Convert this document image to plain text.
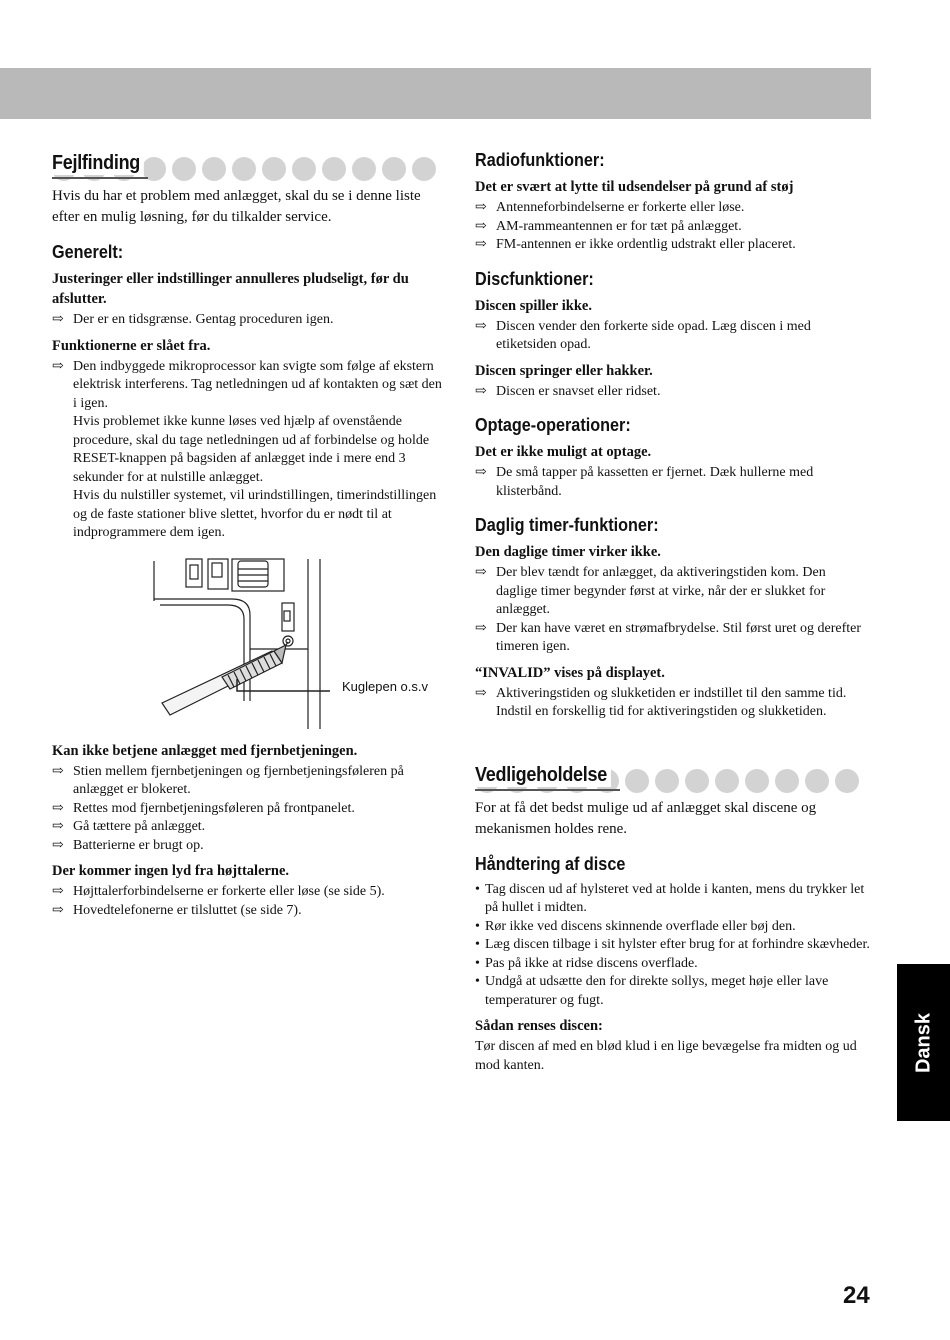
Fejlfinding

Hvis du har et problem med anlægget, skal du se i denne liste efter en mulig løsning, før du tilkalder service.

Generelt:
Justeringer eller indstillinger annulleres pludseligt, før du afslutter.
⇨ Der er en tidsgrænse. Gentag proceduren igen.
Funktionerne er slået fra.
⇨ Den indbyggede mikroprocessor kan svigte som følge af ekstern elektrisk interferens. Tag netledningen ud af kontakten og sæt den i igen.
Hvis problemet ikke kunne løses ved hjælp af ovenstående procedure, skal du tage netledningen ud af forbindelse og holde RESET-knappen på bagsiden af anlægget inde i mere end 3 sekunder for at nulstille anlægget.
Hvis du nulstiller systemet, vil urindstillingen, timerindstillingen og de faste stationer blive slettet, hvorfor du er nødt til at indprogrammere dem igen.
Kuglepen o.s.v
Kan ikke betjene anlægget med fjernbetjeningen.
⇨ Stien mellem fjernbetjeningen og fjernbetjeningsføleren på anlægget er blokeret.
⇨ Rettes mod fjernbetjeningsføleren på frontpanelet.
⇨ Gå tættere på anlægget.
⇨ Batterierne er brugt op.
Der kommer ingen lyd fra højttalerne.
⇨ Højttalerforbindelserne er forkerte eller løse (se side 5).
⇨ Hovedtelefonerne er tilsluttet (se side 7).
Radiofunktioner:
Det er svært at lytte til udsendelser på grund af støj
⇨ Antenneforbindelserne er forkerte eller løse.
⇨ AM-rammeantennen er for tæt på anlægget.
⇨ FM-antennen er ikke ordentlig udstrakt eller placeret.
Discfunktioner:
Discen spiller ikke.
⇨ Discen vender den forkerte side opad. Læg discen i med etiketsiden opad.
Discen springer eller hakker.
⇨ Discen er snavset eller ridset.
Optage-operationer:
Det er ikke muligt at optage.
⇨ De små tapper på kassetten er fjernet. Dæk hullerne med klisterbånd.
Daglig timer-funktioner:
Den daglige timer virker ikke.
⇨ Der blev tændt for anlægget, da aktiveringstiden kom. Den daglige timer begynder først at virke, når der er slukket for anlægget.
⇨ Der kan have været en strømafbrydelse. Stil først uret og derefter timeren igen.
“INVALID” vises på displayet.
⇨ Aktiveringstiden og slukketiden er indstillet til den samme tid. Indstil en forskellig tid for aktiveringstiden og slukketiden.
Vedligeholdelse

For at få det bedst mulige ud af anlægget skal discene og mekanismen holdes rene.

Håndtering af disce
• Tag discen ud af hylsteret ved at holde i kanten, mens du trykker let på hullet i midten.
• Rør ikke ved discens skinnende overflade eller bøj den.
• Læg discen tilbage i sit hylster efter brug for at forhindre skævheder.
• Pas på ikke at ridse discens overflade.
• Undgå at udsætte den for direkte sollys, meget høje eller lave temperaturer og fugt.
Sådan renses discen:

Tør discen af med en blød klud i en lige bevægelse fra midten og ud mod kanten.	Dansk
24
